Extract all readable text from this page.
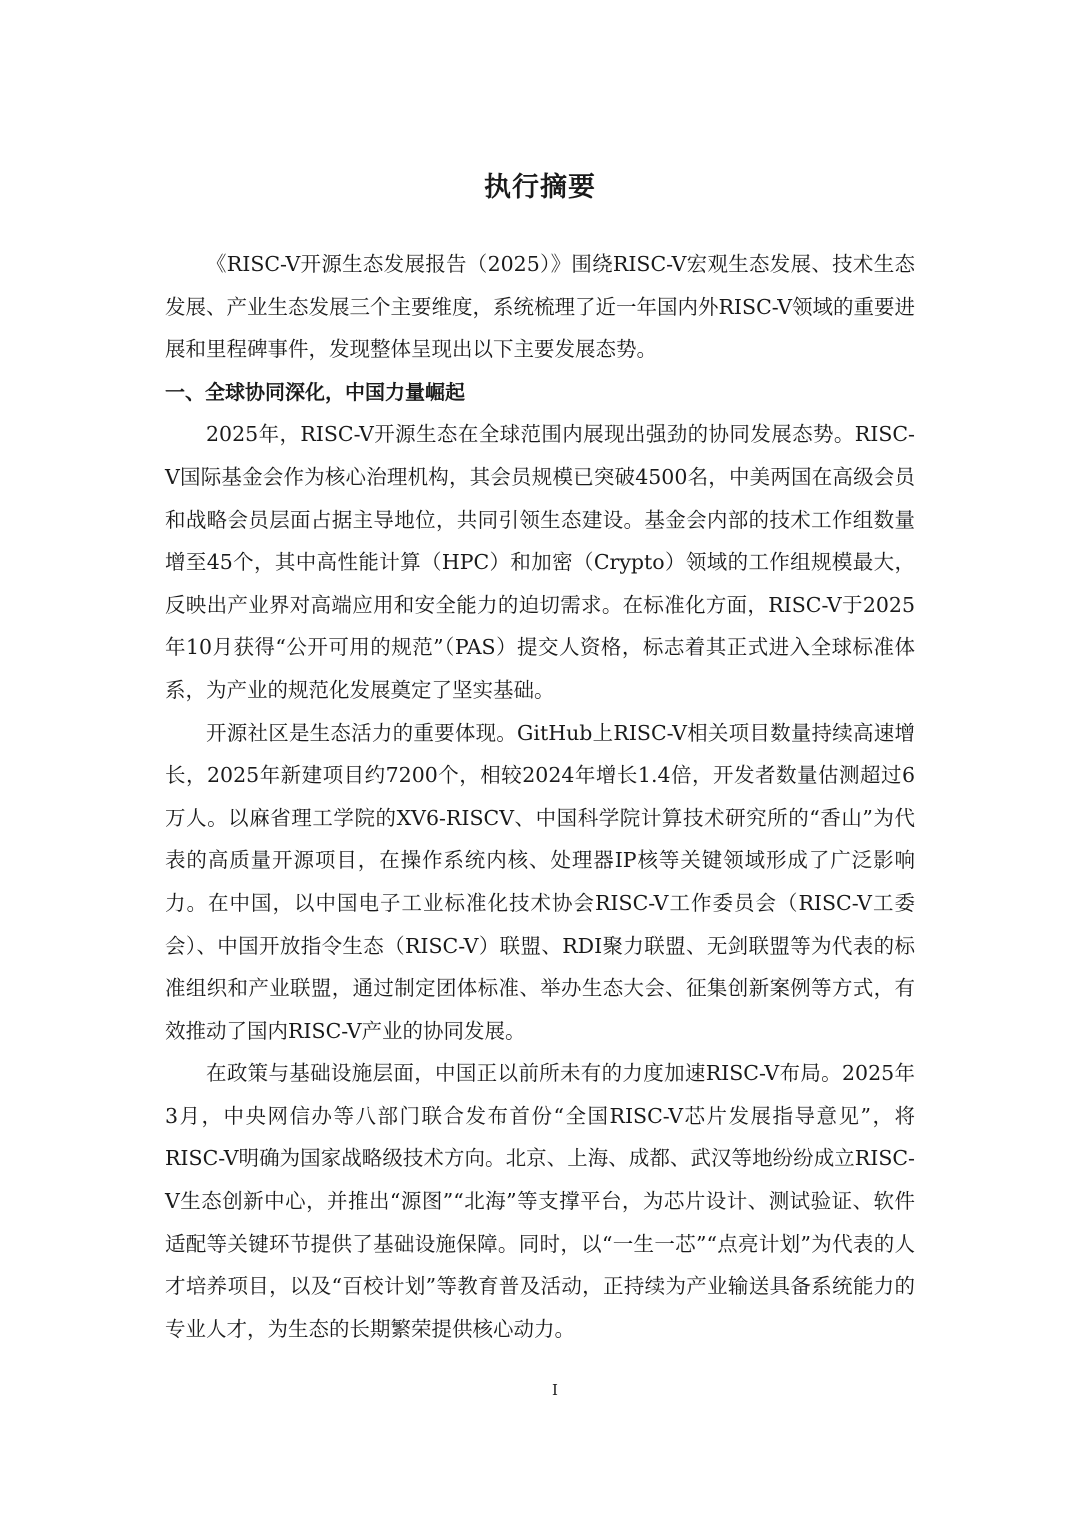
执行摘要

《RISC-V开源生态发展报告（2025）》围绕RISC-V宏观生态发展、技术生态发展、产业生态发展三个主要维度，系统梳理了近一年国内外RISC-V领域的重要进展和里程碑事件，发现整体呈现出以下主要发展态势。

一、全球协同深化，中国力量崛起

2025年，RISC-V开源生态在全球范围内展现出强劲的协同发展态势。RISC-V国际基金会作为核心治理机构，其会员规模已突破4500名，中美两国在高级会员和战略会员层面占据主导地位，共同引领生态建设。基金会内部的技术工作组数量增至45个，其中高性能计算（HPC）和加密（Crypto）领域的工作组规模最大，反映出产业界对高端应用和安全能力的迫切需求。在标准化方面，RISC-V于2025年10月获得“公开可用的规范”（PAS）提交人资格，标志着其正式进入全球标准体系，为产业的规范化发展奠定了坚实基础。

开源社区是生态活力的重要体现。GitHub上RISC-V相关项目数量持续高速增长，2025年新建项目约7200个，相较2024年增长1.4倍，开发者数量估测超过6万人。以麻省理工学院的XV6-RISCV、中国科学院计算技术研究所的“香山”为代表的高质量开源项目，在操作系统内核、处理器IP核等关键领域形成了广泛影响力。在中国，以中国电子工业标准化技术协会RISC-V工作委员会（RISC-V工委会）、中国开放指令生态（RISC-V）联盟、RDI聚力联盟、无剑联盟等为代表的标准组织和产业联盟，通过制定团体标准、举办生态大会、征集创新案例等方式，有效推动了国内RISC-V产业的协同发展。

在政策与基础设施层面，中国正以前所未有的力度加速RISC-V布局。2025年3月，中央网信办等八部门联合发布首份“全国RISC-V芯片发展指导意见”，将RISC-V明确为国家战略级技术方向。北京、上海、成都、武汉等地纷纷成立RISC-V生态创新中心，并推出“源图”“北海”等支撑平台，为芯片设计、测试验证、软件适配等关键环节提供了基础设施保障。同时，以“一生一芯”“点亮计划”为代表的人才培养项目，以及“百校计划”等教育普及活动，正持续为产业输送具备系统能力的专业人才，为生态的长期繁荣提供核心动力。

I
